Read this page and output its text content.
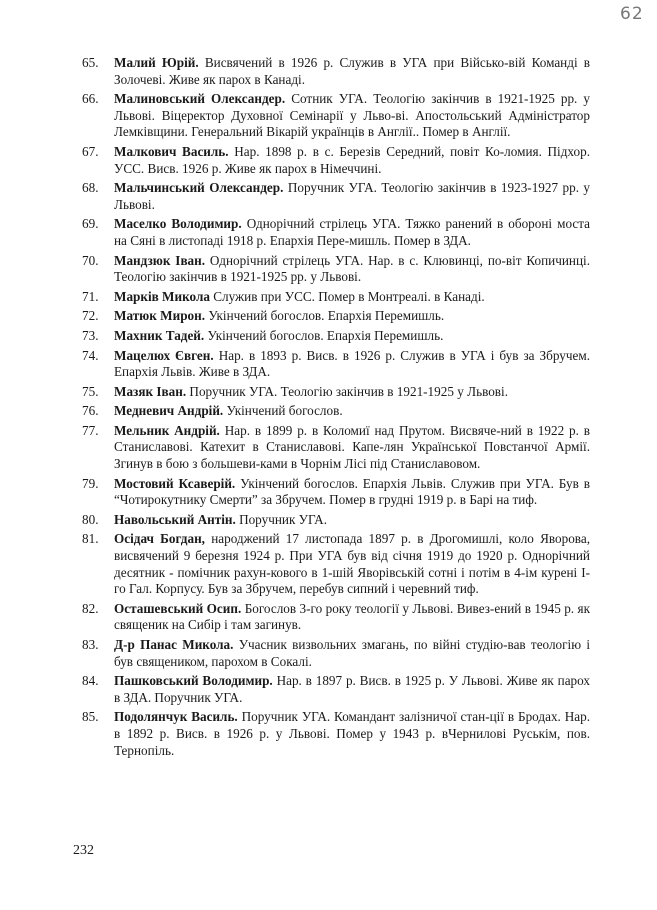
62
65.	Малий Юрій. Висвячений в 1926 р. Служив в УГА при Військо-вій Команді в Золочеві. Живе як парох в Канаді.
66.	Малиновський Олександер. Сотник УГА. Теологію закінчив в 1921-1925 рр. у Львові. Віцеректор Духовної Семінарії у Льво-ві. Апостольський Адміністратор Лемківщини. Генеральний Вікарій українців в Англії.. Помер в Англії.
67.	Малкович Василь. Нар. 1898 р. в с. Березів Середний, повіт Ко-ломия. Підхор. УСС. Висв. 1926 р. Живе як парох в Німеччині.
68.	Мальчинський Олександер. Поручник УГА. Теологію закінчив в 1923-1927 рр. у Львові.
69.	Маселко Володимир. Однорічний стрілець УГА. Тяжко ранений в обороні моста на Сяні в листопаді 1918 р. Епархія Пере-мишль. Помер в ЗДА.
70.	Мандзюк Іван. Однорічний стрілець УГА. Нар. в с. Клювинці, по-віт Копичинці. Теологію закінчив в 1921-1925 рр. у Львові.
71.	Марків Микола Служив при УСС. Помер в Монтреалі. в Канаді.
72.	Матюк Мирон. Укінчений богослов. Епархія Перемишль.
73.	Махник Тадей. Укінчений богослов. Епархія Перемишль.
74.	Мацелюх Євген. Нар. в 1893 р. Висв. в 1926 р. Служив в УГА і був за Збручем. Епархія Львів. Живе в ЗДА.
75.	Мазяк Іван. Поручник УГА. Теологію закінчив в 1921-1925 у Львові.
76.	Медневич Андрій. Укінчений богослов.
77.	Мельник Андрій. Нар. в 1899 р. в Коломиї над Прутом. Висвяче-ний в 1922 р. в Станиславові. Катехит в Станиславові. Капе-лян Української Повстанчої Армії. Згинув в бою з большеви-ками в Чорнім Лісі під Станиславовом.
79.	Мостовий Ксаверій. Укінчений богослов. Епархія Львів. Служив при УГА. Був в “Чотирокутнику Смерти” за Збручем. Помер в грудні 1919 р. в Барі на тиф.
80.	Навольський Антін. Поручник УГА.
81.	Осідач Богдан, народжений 17 листопада 1897 р. в Дрогомишлі, коло Яворова, висвячений 9 березня 1924 р. При УГА був від січня 1919 до 1920 р. Однорічний десятник - помічник рахун-кового в 1-шій Яворівській сотні і потім в 4-ім курені І-го Гал. Корпусу. Був за Збручем, перебув сипний і черевний тиф.
82.	Осташевський Осип. Богослов 3-го року теології у Львові. Вивез-ений в 1945 р. як священик на Сибір і там загинув.
83.	Д-р Панас Микола. Учасник визвольних змагань, по війні студію-вав теологію і був священиком, парохом в Сокалі.
84.	Пашковський Володимир. Нар. в 1897 р. Висв. в 1925 р. У Львові. Живе як парох в ЗДА. Поручник УГА.
85.	Подолянчук Василь. Поручник УГА. Командант залізничої стан-ції в Бродах. Нар. в 1892 р. Висв. в 1926 р. у Львові. Помер у 1943 р. вЧернилові Руськім, пов. Тернопіль.
232
